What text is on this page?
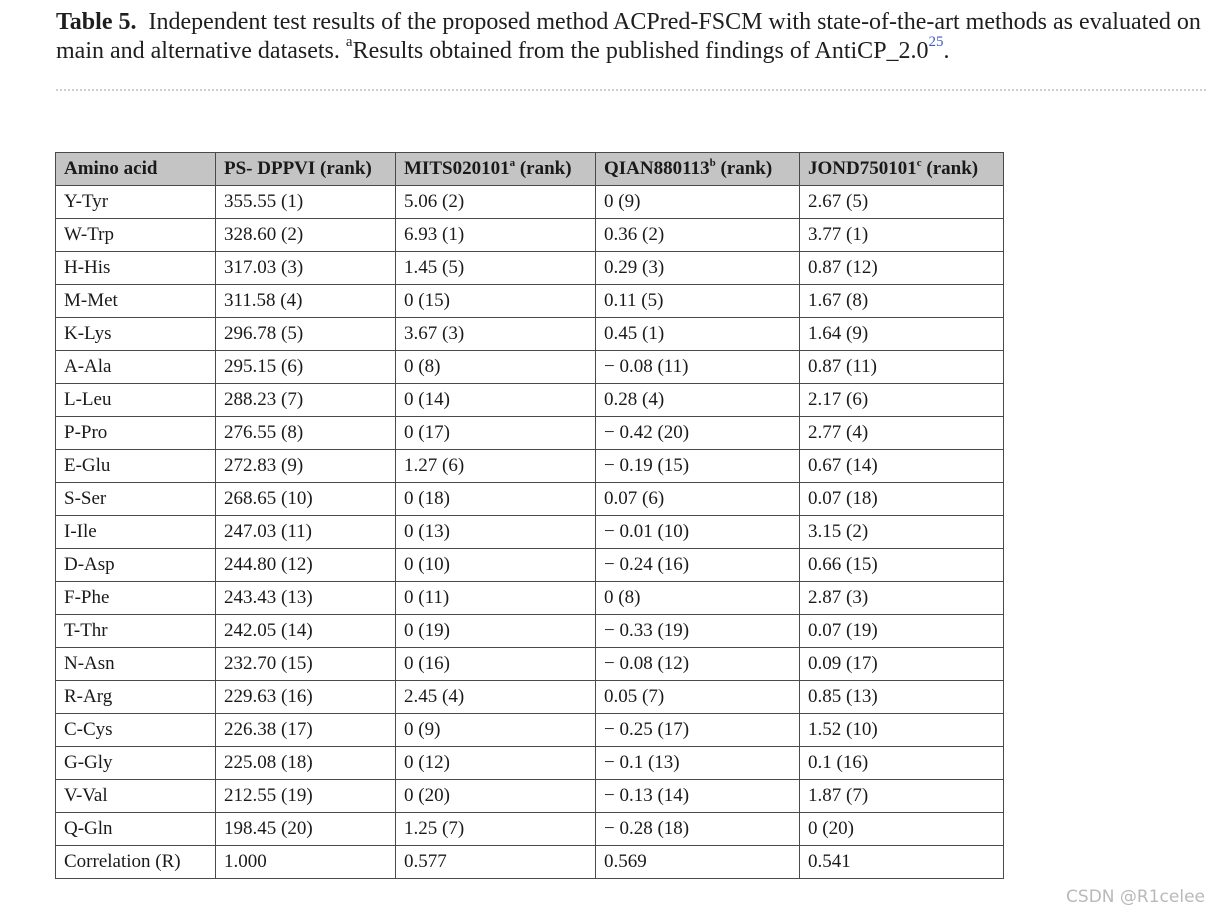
Table 5. Independent test results of the proposed method ACPred-FSCM with state-of-the-art methods as evaluated on main and alternative datasets. $^a$Results obtained from the published findings of AntiCP_2.0$^{25}$.
Amino acid	PS- DPPVI (rank)	MITS020101$^a$ (rank)	QIAN880113$^b$ (rank)	JOND750101$^c$ (rank)
Y-Tyr	355.55 (1)	5.06 (2)	0 (9)	2.67 (5)
W-Trp	328.60 (2)	6.93 (1)	0.36 (2)	3.77 (1)
H-His	317.03 (3)	1.45 (5)	0.29 (3)	0.87 (12)
M-Met	311.58 (4)	0 (15)	0.11 (5)	1.67 (8)
K-Lys	296.78 (5)	3.67 (3)	0.45 (1)	1.64 (9)
A-Ala	295.15 (6)	0 (8)	− 0.08 (11)	0.87 (11)
L-Leu	288.23 (7)	0 (14)	0.28 (4)	2.17 (6)
P-Pro	276.55 (8)	0 (17)	− 0.42 (20)	2.77 (4)
E-Glu	272.83 (9)	1.27 (6)	− 0.19 (15)	0.67 (14)
S-Ser	268.65 (10)	0 (18)	0.07 (6)	0.07 (18)
I-Ile	247.03 (11)	0 (13)	− 0.01 (10)	3.15 (2)
D-Asp	244.80 (12)	0 (10)	− 0.24 (16)	0.66 (15)
F-Phe	243.43 (13)	0 (11)	0 (8)	2.87 (3)
T-Thr	242.05 (14)	0 (19)	− 0.33 (19)	0.07 (19)
N-Asn	232.70 (15)	0 (16)	− 0.08 (12)	0.09 (17)
R-Arg	229.63 (16)	2.45 (4)	0.05 (7)	0.85 (13)
C-Cys	226.38 (17)	0 (9)	− 0.25 (17)	1.52 (10)
G-Gly	225.08 (18)	0 (12)	− 0.1 (13)	0.1 (16)
V-Val	212.55 (19)	0 (20)	− 0.13 (14)	1.87 (7)
Q-Gln	198.45 (20)	1.25 (7)	− 0.28 (18)	0 (20)
Correlation (R)	1.000	0.577	0.569	0.541
CSDN @R1celee
